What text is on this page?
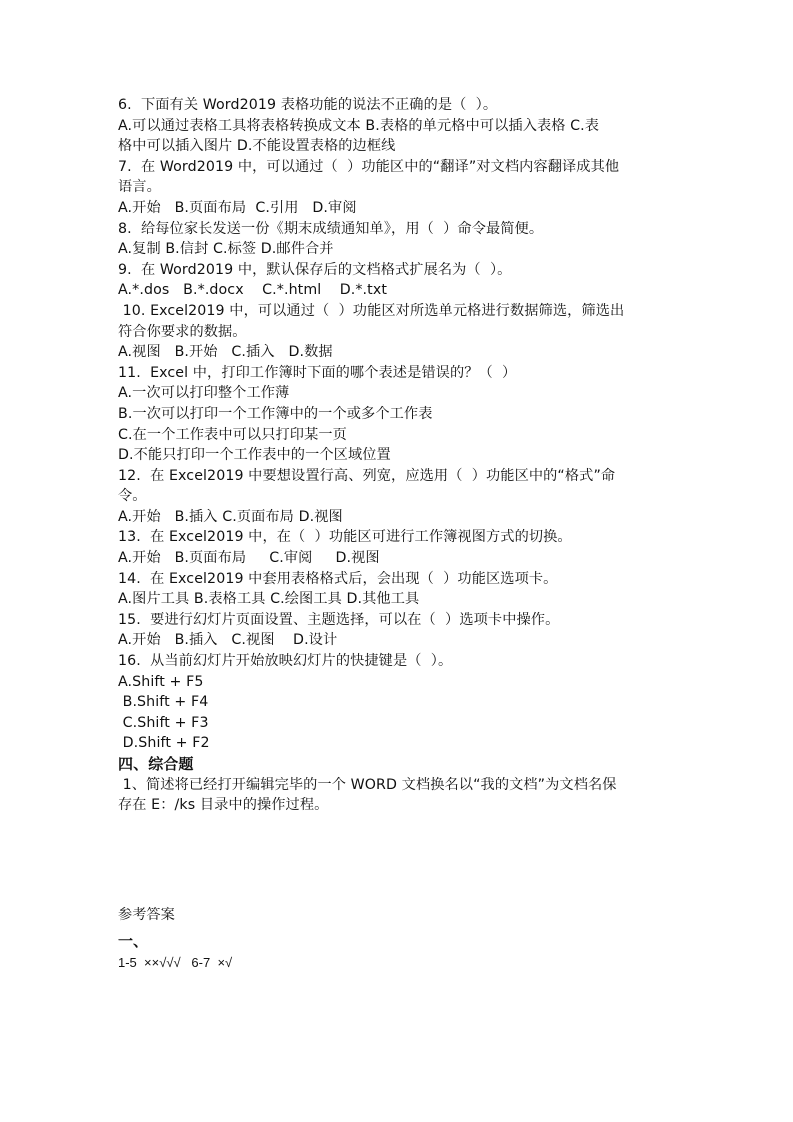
6.  下面有关 Word2019 表格功能的说法不正确的是（  ）。
A.可以通过表格工具将表格转换成文本 B.表格的单元格中可以插入表格 C.表
格中可以插入图片 D.不能设置表格的边框线
7.  在 Word2019 中，可以通过（  ）功能区中的“翻译”对文档内容翻译成其他
语言。
A.开始   B.页面布局  C.引用   D.审阅
8.  给每位家长发送一份《期末成绩通知单》，用（  ）命令最简便。
A.复制 B.信封 C.标签 D.邮件合并
9.  在 Word2019 中，默认保存后的文档格式扩展名为（  ）。
A.*.dos   B.*.docx    C.*.html    D.*.txt
10. Excel2019 中，可以通过（  ）功能区对所选单元格进行数据筛选，筛选出
符合你要求的数据。
A.视图   B.开始   C.插入   D.数据
11.  Excel 中，打印工作簿时下面的哪个表述是错误的？（  ）
A.一次可以打印整个工作薄
B.一次可以打印一个工作簿中的一个或多个工作表
C.在一个工作表中可以只打印某一页
D.不能只打印一个工作表中的一个区域位置
12.  在 Excel2019 中要想设置行高、列宽，应选用（  ）功能区中的“格式”命
令。
A.开始   B.插入 C.页面布局 D.视图
13.  在 Excel2019 中，在（  ）功能区可进行工作簿视图方式的切换。
A.开始   B.页面布局     C.审阅     D.视图
14.  在 Excel2019 中套用表格格式后，会出现（  ）功能区选项卡。
A.图片工具 B.表格工具 C.绘图工具 D.其他工具
15.  要进行幻灯片页面设置、主题选择，可以在（  ）选项卡中操作。
A.开始   B.插入   C.视图    D.设计
16.  从当前幻灯片开始放映幻灯片的快捷键是（  ）。
A.Shift + F5
B.Shift + F4
C.Shift + F3
D.Shift + F2
四、综合题
1、简述将已经打开编辑完毕的一个 WORD 文档换名以“我的文档”为文档名保
存在 E：/ks 目录中的操作过程。
参考答案
一、
1-5  ××√√√   6-7  ×√
